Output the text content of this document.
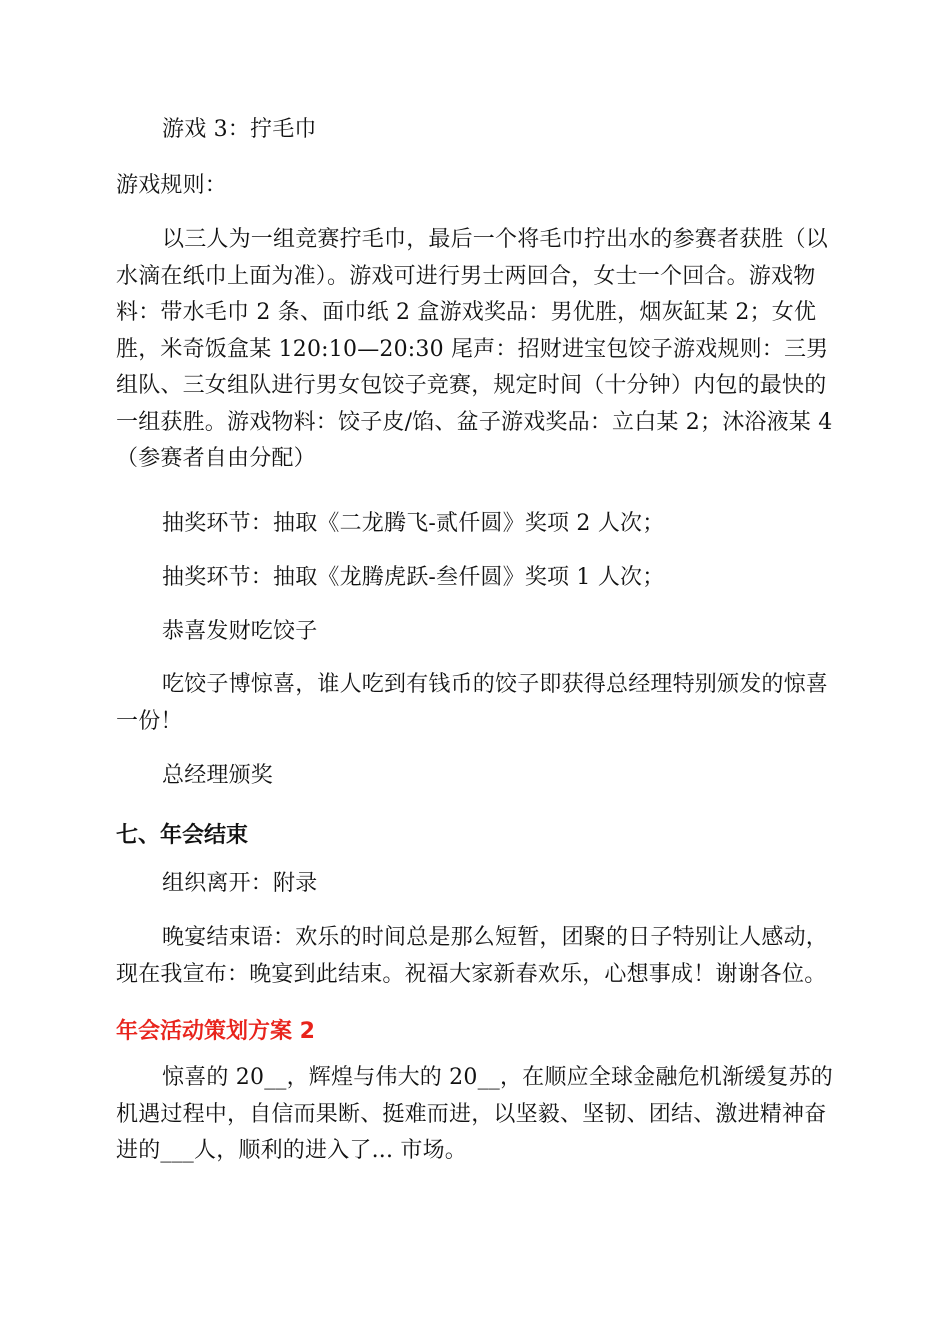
游戏 3：拧毛巾

游戏规则：

以三人为一组竞赛拧毛巾，最后一个将毛巾拧出水的参赛者获胜（以水滴在纸巾上面为准）。游戏可进行男士两回合，女士一个回合。游戏物料：带水毛巾 2 条、面巾纸 2 盒游戏奖品：男优胜，烟灰缸某 2；女优胜，米奇饭盒某 120:10—20:30 尾声：招财进宝包饺子游戏规则：三男组队、三女组队进行男女包饺子竞赛，规定时间（十分钟）内包的最快的一组获胜。游戏物料：饺子皮/馅、盆子游戏奖品：立白某 2；沐浴液某 4（参赛者自由分配）

抽奖环节：抽取《二龙腾飞-贰仟圆》奖项 2 人次；

抽奖环节：抽取《龙腾虎跃-叁仟圆》奖项 1 人次；

恭喜发财吃饺子

吃饺子博惊喜，谁人吃到有钱币的饺子即获得总经理特别颁发的惊喜一份！

总经理颁奖

七、年会结束

组织离开：附录

晚宴结束语：欢乐的时间总是那么短暂，团聚的日子特别让人感动，现在我宣布：晚宴到此结束。祝福大家新春欢乐，心想事成！谢谢各位。

年会活动策划方案 2

惊喜的 20__，辉煌与伟大的 20__，在顺应全球金融危机渐缓复苏的机遇过程中，自信而果断、挺难而进，以坚毅、坚韧、团结、激进精神奋进的___人，顺利的进入了... 市场。
